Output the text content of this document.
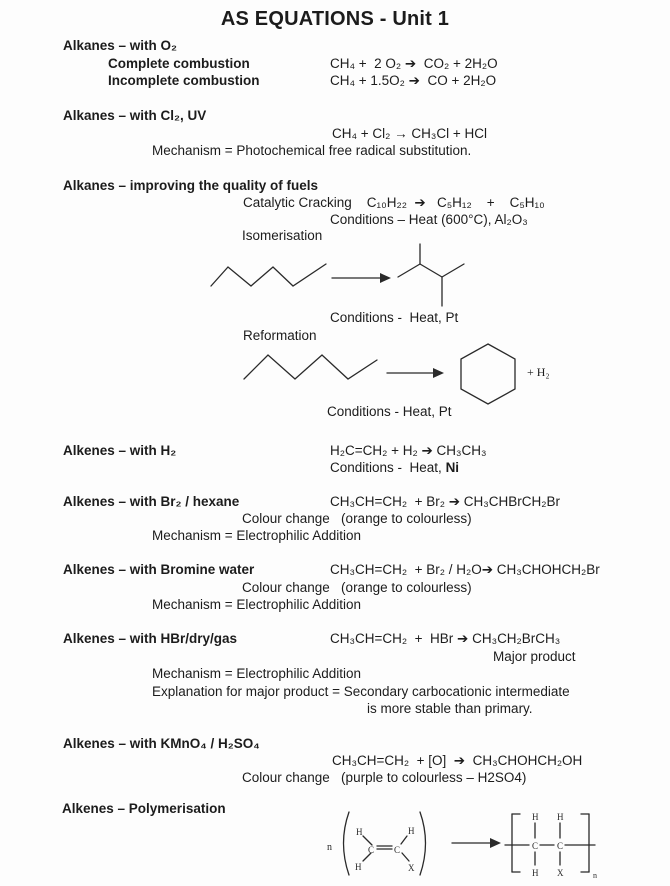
AS EQUATIONS - Unit 1
Alkanes – with O₂
Complete combustion	CH₄ +  2 O₂ ➔  CO₂ + 2H₂O
Incomplete combustion	CH₄ + 1.5O₂ ➔  CO + 2H₂O
Alkanes – with Cl₂, UV
CH₄ + Cl₂ → CH₃Cl + HCl
Mechanism = Photochemical free radical substitution.
Alkanes – improving the quality of fuels
Catalytic Cracking C₁₀H₂₂  ➔   C₅H₁₂    +    C₅H₁₀
Conditions – Heat (600°C), Al₂O₃
Isomerisation
Conditions -  Heat, Pt
Reformation
+ H₂
Conditions - Heat, Pt
Alkenes – with H₂	H₂C=CH₂ + H₂ ➔ CH₃CH₃
Conditions -  Heat, Ni
Alkenes – with Br₂ / hexane	CH₃CH=CH₂  + Br₂ ➔ CH₃CHBrCH₂Br
Colour change   (orange to colourless)
Mechanism = Electrophilic Addition
Alkenes – with Bromine water	CH₃CH=CH₂  + Br₂ / H₂O➔ CH₃CHOHCH₂Br
Colour change   (orange to colourless)
Mechanism = Electrophilic Addition
Alkenes – with HBr/dry/gas	CH₃CH=CH₂  +  HBr ➔ CH₃CH₂BrCH₃
Major product
Mechanism = Electrophilic Addition
Explanation for major product = Secondary carbocationic intermediate
is more stable than primary.
Alkenes – with KMnO₄ / H₂SO₄
CH₃CH=CH₂  + [O]  ➔  CH₃CHOHCH₂OH
Colour change   (purple to colourless – H2SO4)
Alkenes – Polymerisation
n
H
C C
H
H	X
C C
H H
H X	n
